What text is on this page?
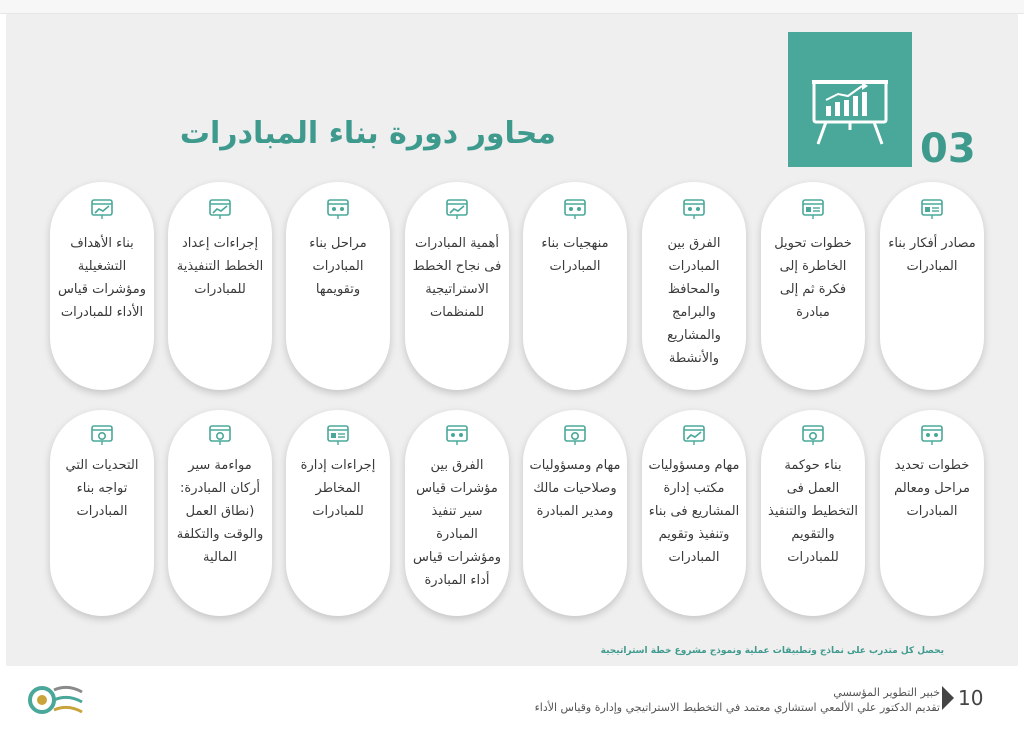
03
محاور دورة بناء المبادرات
يحصل كل متدرب على نماذج وتطبيقات عملية ونموذج مشروع خطة استراتيجية
مصادر أفكار بناء المبادرات
خطوات تحويل الخاطرة إلى فكرة ثم إلى مبادرة
الفرق بين المبادرات والمحافظ والبرامج والمشاريع والأنشطة
منهجيات بناء المبادرات
أهمية المبادرات فى نجاح الخطط الاستراتيجية للمنظمات
مراحل بناء المبادرات وتقويمها
إجراءات إعداد الخطط التنفيذية للمبادرات
بناء الأهداف التشغيلية ومؤشرات قياس الأداء للمبادرات
خطوات تحديد مراحل ومعالم المبادرات
بناء حوكمة العمل فى التخطيط والتنفيذ والتقويم للمبادرات
مهام ومسؤوليات مكتب إدارة المشاريع فى بناء وتنفيذ وتقويم المبادرات
مهام ومسؤوليات وصلاحيات مالك ومدير المبادرة
الفرق بين مؤشرات قياس سير تنفيذ المبادرة ومؤشرات قياس أداء المبادرة
إجراءات إدارة المخاطر للمبادرات
مواءمة سير أركان المبادرة: (نطاق العمل والوقت والتكلفة المالية
التحديات التي تواجه بناء المبادرات
خبير التطوير المؤسسي
تقديم الدكتور علي الألمعي استشاري معتمد في التخطيط الاستراتيجي وإدارة وقياس الأداء 10
